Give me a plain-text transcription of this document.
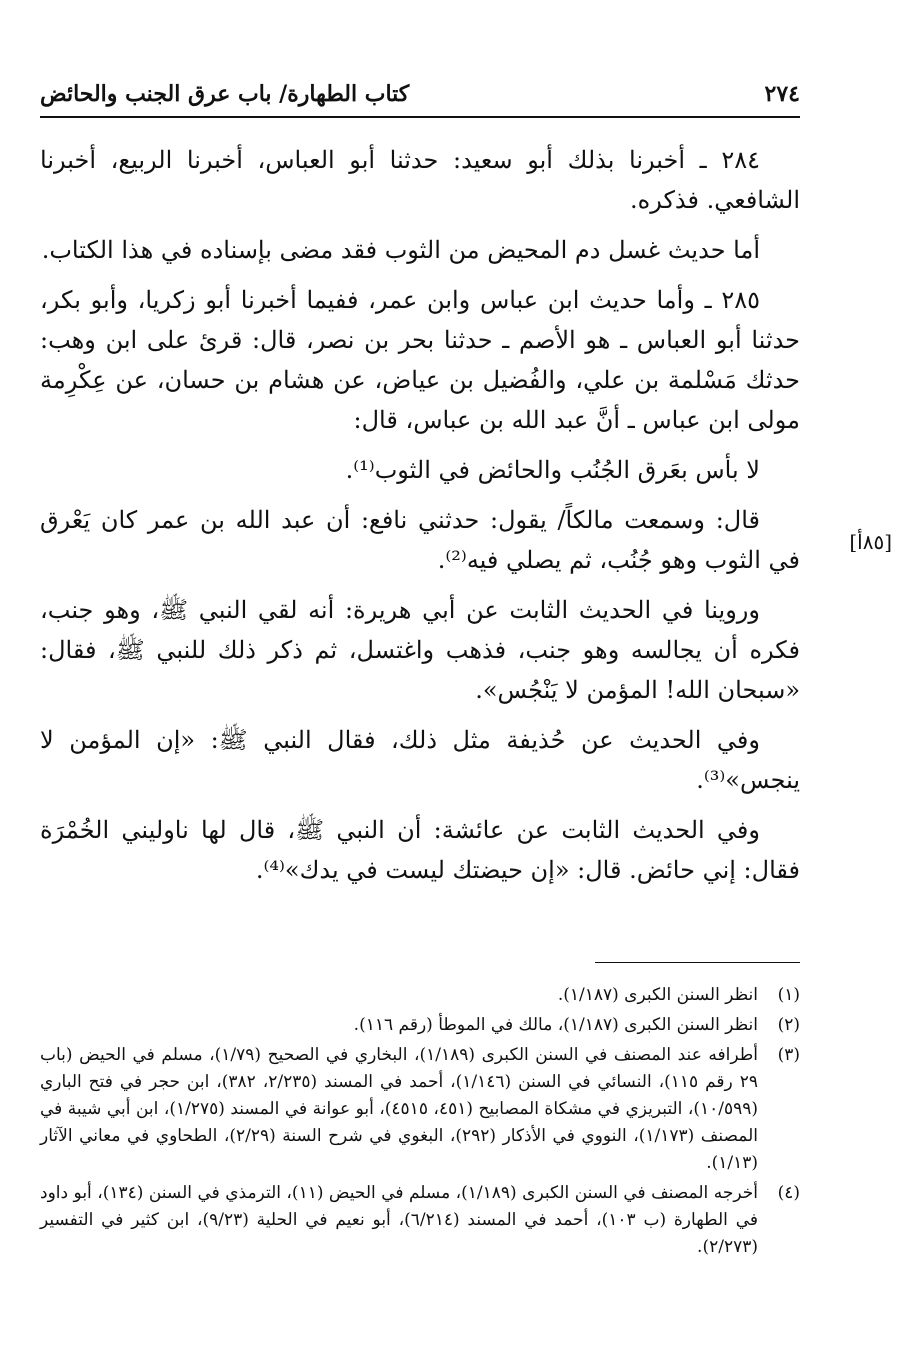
٢٧٤
كتاب الطهارة/ باب عرق الجنب والحائض
[٨٥أ]

٢٨٤ ـ أخبرنا بذلك أبو سعيد: حدثنا أبو العباس، أخبرنا الربيع، أخبرنا الشافعي. فذكره.

أما حديث غسل دم المحيض من الثوب فقد مضى بإسناده في هذا الكتاب.

٢٨٥ ـ وأما حديث ابن عباس وابن عمر، ففيما أخبرنا أبو زكريا، وأبو بكر، حدثنا أبو العباس ـ هو الأصم ـ حدثنا بحر بن نصر، قال: قرئ على ابن وهب: حدثك مَسْلمة بن علي، والفُضيل بن عياض، عن هشام بن حسان، عن عِكْرِمة مولى ابن عباس ـ أنَّ عبد الله بن عباس، قال:

لا بأس بعَرق الجُنُب والحائض في الثوب⁽¹⁾.

قال: وسمعت مالكاً/ يقول: حدثني نافع: أن عبد الله بن عمر كان يَعْرق في الثوب وهو جُنُب، ثم يصلي فيه⁽²⁾.

وروينا في الحديث الثابت عن أبي هريرة: أنه لقي النبي ﷺ، وهو جنب، فكره أن يجالسه وهو جنب، فذهب واغتسل، ثم ذكر ذلك للنبي ﷺ، فقال: «سبحان الله! المؤمن لا يَنْجُس».

وفي الحديث عن حُذيفة مثل ذلك، فقال النبي ﷺ: «إن المؤمن لا ينجس»⁽³⁾.

وفي الحديث الثابت عن عائشة: أن النبي ﷺ، قال لها ناوليني الخُمْرَة فقال: إني حائض. قال: «إن حيضتك ليست في يدك»⁽⁴⁾.

(١)
انظر السنن الكبرى (١/١٨٧).
(٢)
انظر السنن الكبرى (١/١٨٧)، مالك في الموطأ (رقم ١١٦).
(٣)
أطرافه عند المصنف في السنن الكبرى (١/١٨٩)، البخاري في الصحيح (١/٧٩)، مسلم في الحيض (باب ٢٩ رقم ١١٥)، النسائي في السنن (١/١٤٦)، أحمد في المسند (٢/٢٣٥، ٣٨٢)، ابن حجر في فتح الباري (١٠/٥٩٩)، التبريزي في مشكاة المصابيح (٤٥١، ٤٥١٥)، أبو عوانة في المسند (١/٢٧٥)، ابن أبي شيبة في المصنف (١/١٧٣)، النووي في الأذكار (٢٩٢)، البغوي في شرح السنة (٢/٢٩)، الطحاوي في معاني الآثار (١/١٣).
(٤)
أخرجه المصنف في السنن الكبرى (١/١٨٩)، مسلم في الحيض (١١)، الترمذي في السنن (١٣٤)، أبو داود في الطهارة (ب ١٠٣)، أحمد في المسند (٦/٢١٤)، أبو نعيم في الحلية (٩/٢٣)، ابن كثير في التفسير (٢/٢٧٣).
